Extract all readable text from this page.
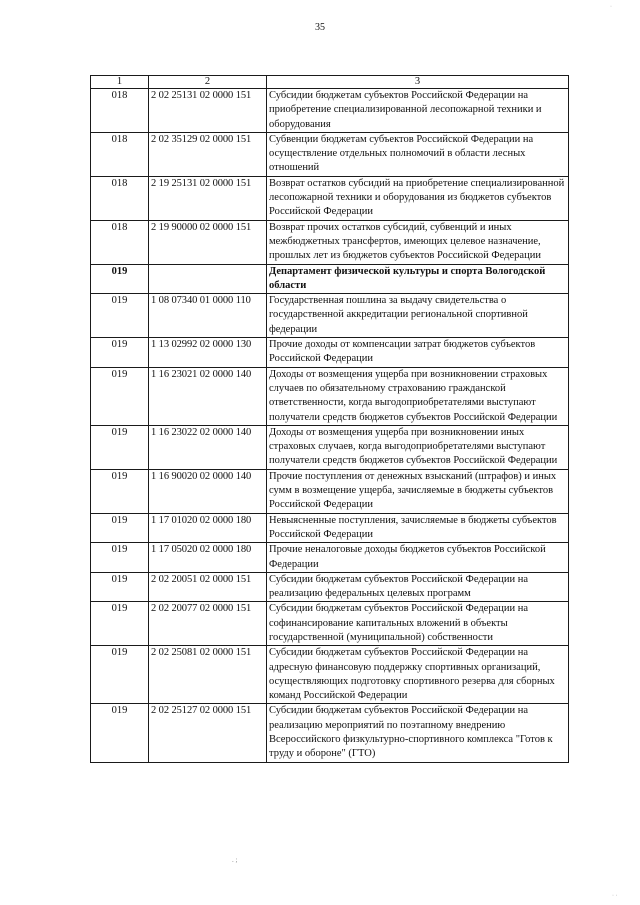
35
·
1	2	3
018	2 02 25131 02 0000 151	Субсидии бюджетам субъектов Российской Федерации на приобретение специализированной лесопожарной техники и оборудования
018	2 02 35129 02 0000 151	Субвенции бюджетам субъектов Российской Федерации на осуществление отдельных полномочий в области лесных отношений
018	2 19 25131 02 0000 151	Возврат остатков субсидий на приобретение специализированной лесопожарной техники и оборудования из бюджетов субъектов Российской Федерации
018	2 19 90000 02 0000 151	Возврат прочих остатков субсидий, субвенций и иных межбюджетных трансфертов, имеющих целевое назначение, прошлых лет из бюджетов субъектов Российской Федерации
019		Департамент физической культуры и спорта Вологодской области
019	1 08 07340 01 0000 110	Государственная пошлина за выдачу свидетельства о государственной аккредитации региональной спортивной федерации
019	1 13 02992 02 0000 130	Прочие доходы от компенсации затрат бюджетов субъектов Российской Федерации
019	1 16 23021 02 0000 140	Доходы от возмещения ущерба при возникновении страховых случаев по обязательному страхованию гражданской ответственности, когда выгодоприобретателями выступают получатели средств бюджетов субъектов Российской Федерации
019	1 16 23022 02 0000 140	Доходы от возмещения ущерба при возникновении иных страховых случаев, когда выгодоприобретателями выступают получатели средств бюджетов субъектов Российской Федерации
019	1 16 90020 02 0000 140	Прочие поступления от денежных взысканий (штрафов) и иных сумм в возмещение ущерба, зачисляемые в бюджеты субъектов Российской Федерации
019	1 17 01020 02 0000 180	Невыясненные поступления, зачисляемые в бюджеты субъектов Российской Федерации
019	1 17 05020 02 0000 180	Прочие неналоговые доходы бюджетов субъектов Российской Федерации
019	2 02 20051 02 0000 151	Субсидии бюджетам субъектов Российской Федерации на реализацию федеральных целевых программ
019	2 02 20077 02 0000 151	Субсидии бюджетам субъектов Российской Федерации на софинансирование капитальных вложений в объекты государственной (муниципальной) собственности
019	2 02 25081 02 0000 151	Субсидии бюджетам субъектов Российской Федерации на адресную финансовую поддержку спортивных организаций, осуществляющих подготовку спортивного резерва для сборных команд Российской Федерации
019	2 02 25127 02 0000 151	Субсидии бюджетам субъектов Российской Федерации на реализацию мероприятий по поэтапному внедрению Всероссийского физкультурно-спортивного комплекса "Готов к труду и обороне" (ГТО)
. ;
· ·
